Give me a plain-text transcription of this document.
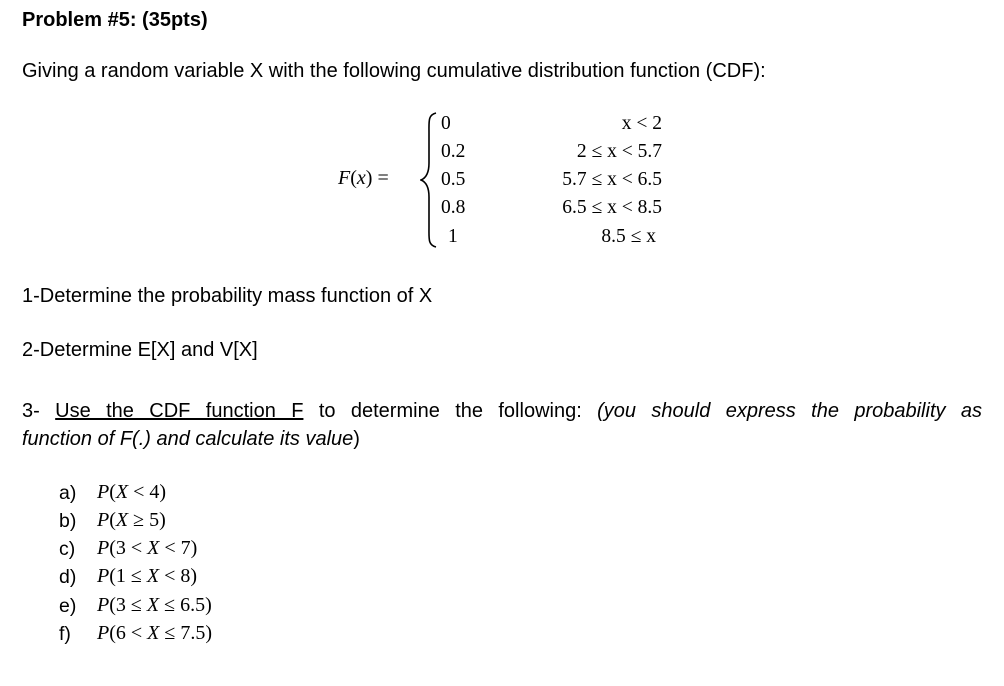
Problem #5: (35pts)
Giving a random variable X with the following cumulative distribution function (CDF):
F(x) =
0
0.2
0.5
0.8
1
x < 2
2 ≤ x < 5.7
5.7 ≤ x < 6.5
6.5 ≤ x < 8.5
8.5 ≤ x
1-Determine the probability mass function of X
2-Determine E[X] and V[X]
3- Use the CDF function F to determine the following: (you should express the probability as
function of F(.) and calculate its value)
a) P(X < 4)
b) P(X ≥ 5)
c) P(3 < X < 7)
d) P(1 ≤ X < 8)
e) P(3 ≤ X ≤ 6.5)
f) P(6 < X ≤ 7.5)
